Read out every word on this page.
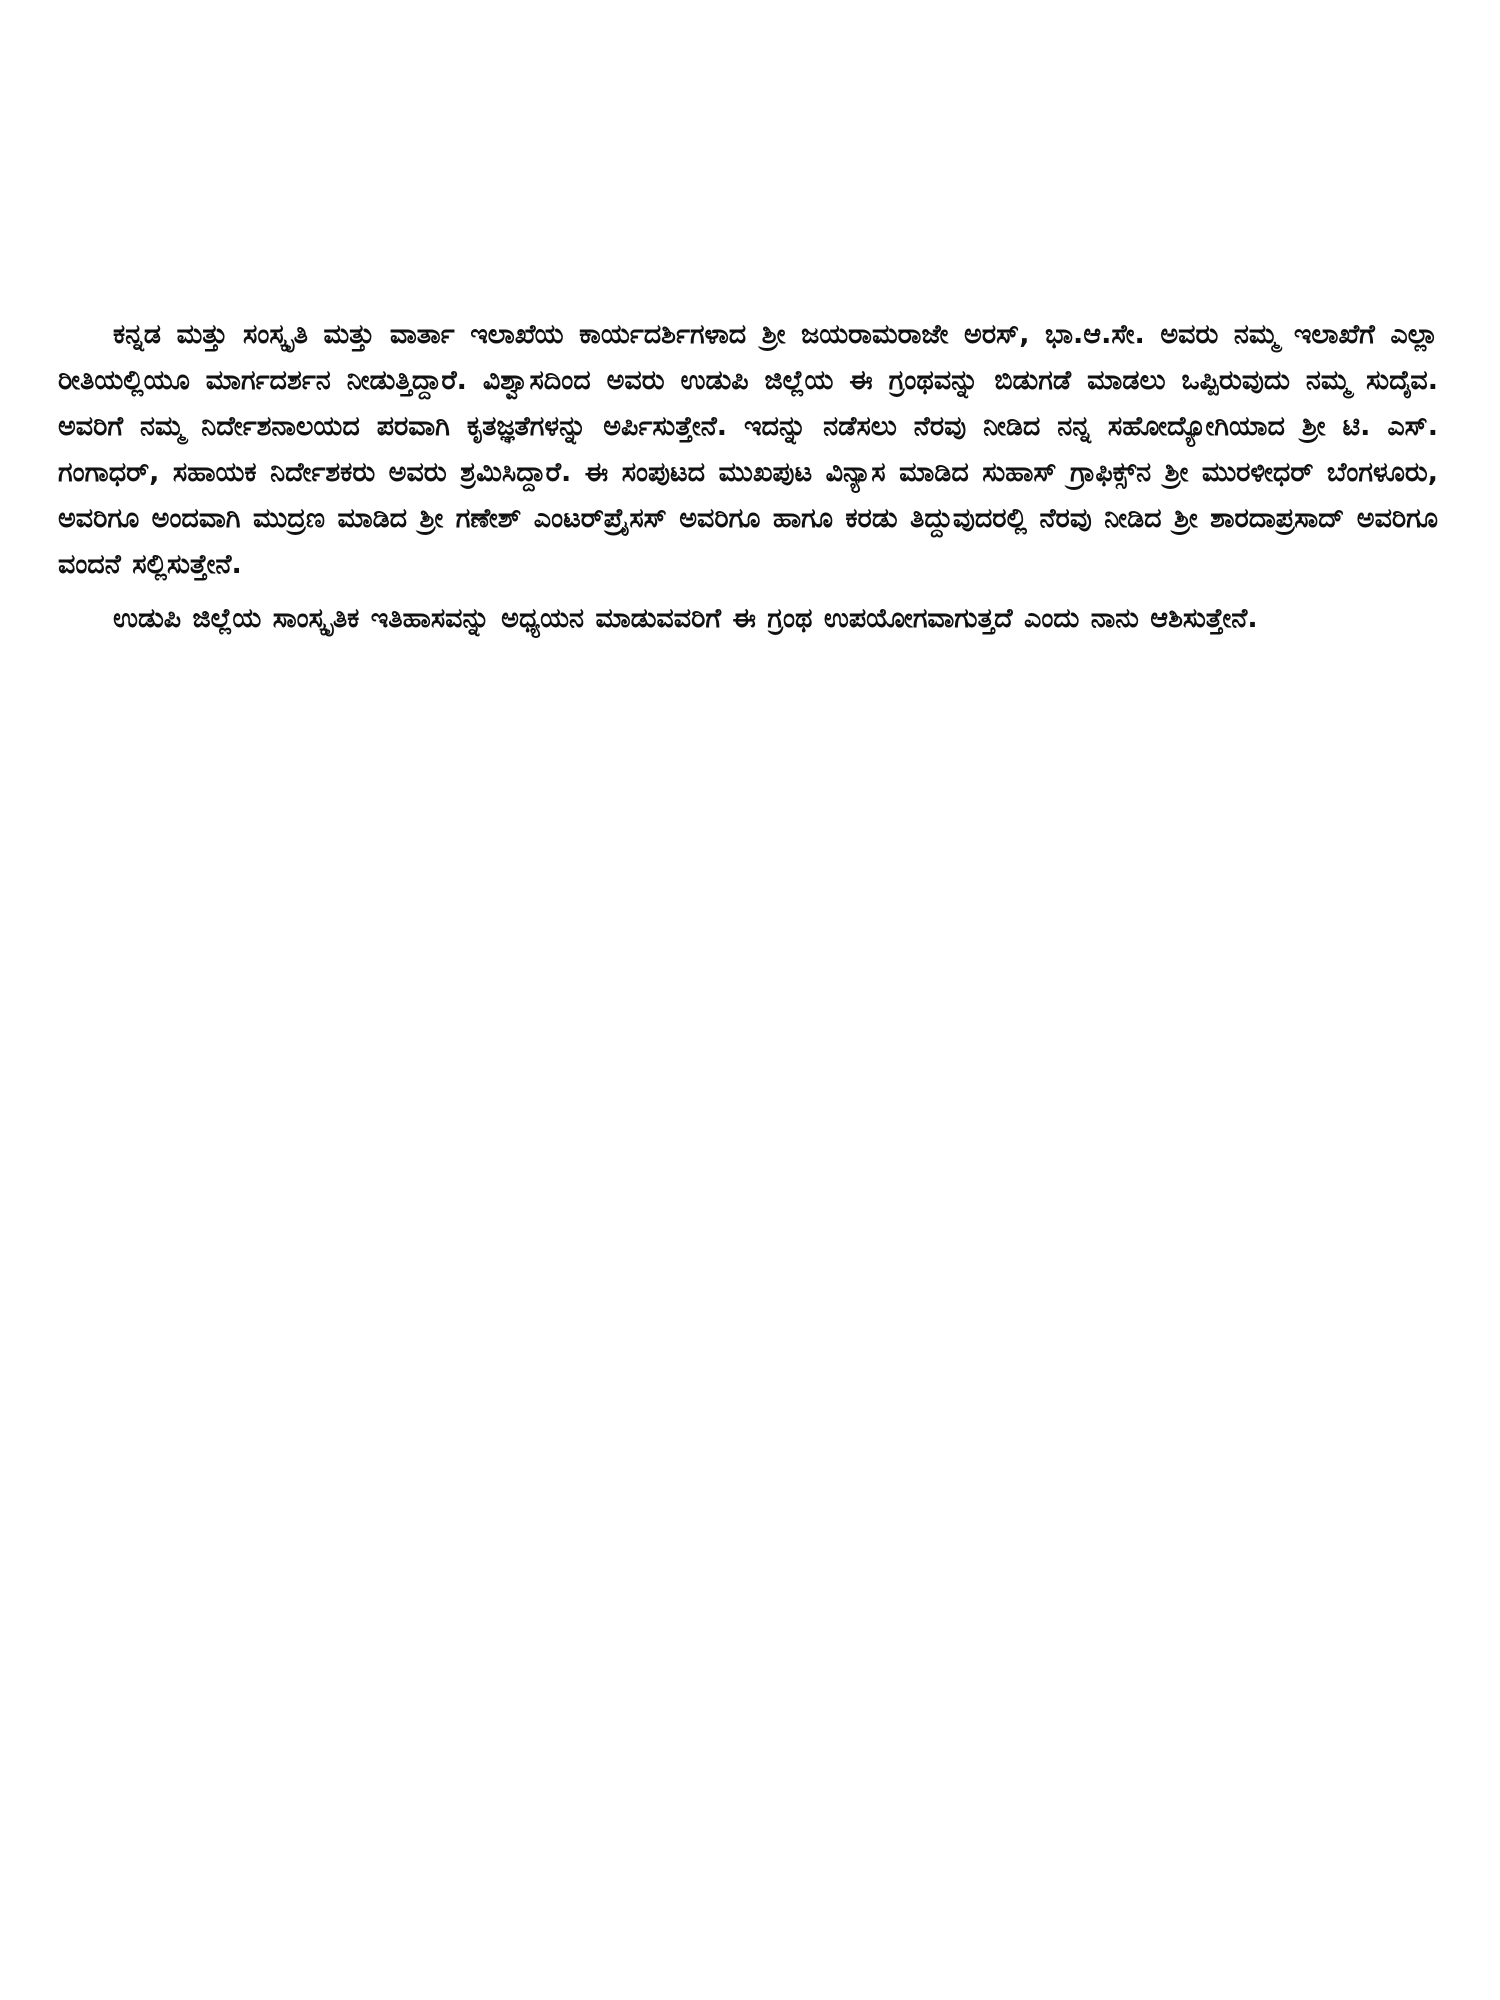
ಕನ್ನಡ ಮತ್ತು ಸಂಸ್ಕೃತಿ ಮತ್ತು ವಾರ್ತಾ ಇಲಾಖೆಯ ಕಾರ್ಯದರ್ಶಿಗಳಾದ ಶ್ರೀ ಜಯರಾಮರಾಜೇ ಅರಸ್, ಭಾ.ಆ.ಸೇ. ಅವರು ನಮ್ಮ ಇಲಾಖೆಗೆ ಎಲ್ಲಾ ರೀತಿಯಲ್ಲಿಯೂ ಮಾರ್ಗದರ್ಶನ ನೀಡುತ್ತಿದ್ದಾರೆ. ವಿಶ್ವಾಸದಿಂದ ಅವರು ಉಡುಪಿ ಜಿಲ್ಲೆಯ ಈ ಗ್ರಂಥವನ್ನು ಬಿಡುಗಡೆ ಮಾಡಲು ಒಪ್ಪಿರುವುದು ನಮ್ಮ ಸುದೈವ. ಅವರಿಗೆ ನಮ್ಮ ನಿರ್ದೇಶನಾಲಯದ ಪರವಾಗಿ ಕೃತಜ್ಞತೆಗಳನ್ನು ಅರ್ಪಿಸುತ್ತೇನೆ. ಇದನ್ನು ನಡೆಸಲು ನೆರವು ನೀಡಿದ ನನ್ನ ಸಹೋದ್ಯೋಗಿಯಾದ ಶ್ರೀ ಟಿ. ಎಸ್. ಗಂಗಾಧರ್, ಸಹಾಯಕ ನಿರ್ದೇಶಕರು ಅವರು ಶ್ರಮಿಸಿದ್ದಾರೆ. ಈ ಸಂಪುಟದ ಮುಖಪುಟ ವಿನ್ಯಾಸ ಮಾಡಿದ ಸುಹಾಸ್ ಗ್ರಾಫಿಕ್ಸ್‌ನ ಶ್ರೀ ಮುರಳೀಧರ್ ಬೆಂಗಳೂರು, ಅವರಿಗೂ ಅಂದವಾಗಿ ಮುದ್ರಣ ಮಾಡಿದ ಶ್ರೀ ಗಣೇಶ್ ಎಂಟರ್‌ಪ್ರೈಸಸ್ ಅವರಿಗೂ ಹಾಗೂ ಕರಡು ತಿದ್ದುವುದರಲ್ಲಿ ನೆರವು ನೀಡಿದ ಶ್ರೀ ಶಾರದಾಪ್ರಸಾದ್ ಅವರಿಗೂ ವಂದನೆ ಸಲ್ಲಿಸುತ್ತೇನೆ.

ಉಡುಪಿ ಜಿಲ್ಲೆಯ ಸಾಂಸ್ಕೃತಿಕ ಇತಿಹಾಸವನ್ನು ಅಧ್ಯಯನ ಮಾಡುವವರಿಗೆ ಈ ಗ್ರಂಥ ಉಪಯೋಗವಾಗುತ್ತದೆ ಎಂದು ನಾನು ಆಶಿಸುತ್ತೇನೆ.
